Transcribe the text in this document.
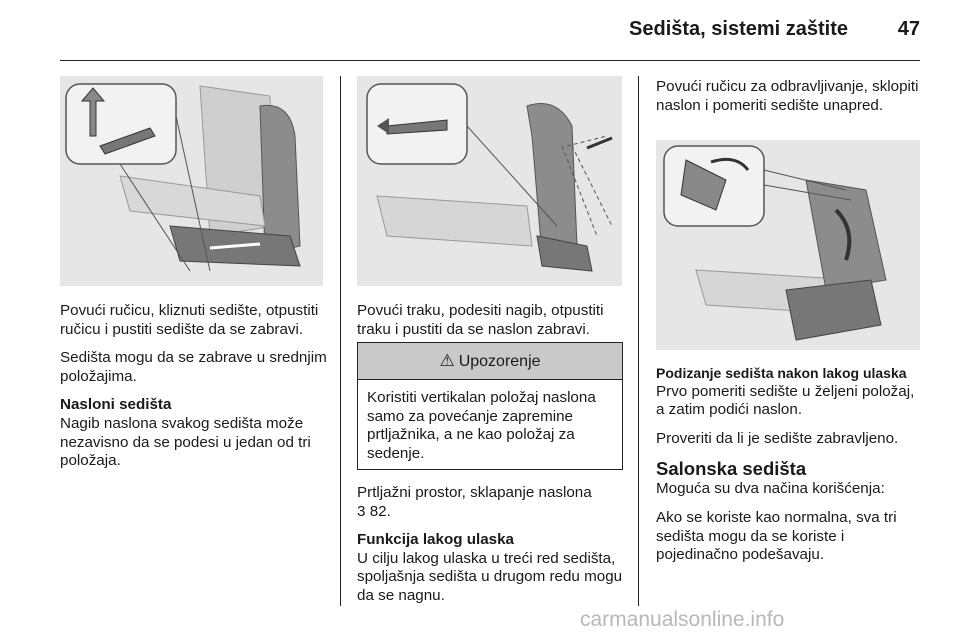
Sedišta, sistemi zaštite 47

Povući ručicu, kliznuti sedište, otpustiti ručicu i pustiti sedište da se zabravi.

Sedišta mogu da se zabrave u srednjim položajima.

Nasloni sedišta

Nagib naslona svakog sedišta može nezavisno da se podesi u jedan od tri položaja.

Povući traku, podesiti nagib, otpustiti traku i pustiti da se naslon zabravi.

⚠ Upozorenje
Koristiti vertikalan položaj naslona samo za povećanje zapremine prtljažnika, a ne kao položaj za sedenje.

Prtljažni prostor, sklapanje naslona
3 82.

Funkcija lakog ulaska

U cilju lakog ulaska u treći red sedišta, spoljašnja sedišta u drugom redu mogu da se nagnu.

Povući ručicu za odbravljivanje, sklopiti naslon i pomeriti sedište unapred.

Podizanje sedišta nakon lakog ulaska

Prvo pomeriti sedište u željeni položaj, a zatim podići naslon.

Proveriti da li je sedište zabravljeno.

Salonska sedišta

Moguća su dva načina korišćenja:

Ako se koriste kao normalna, sva tri sedišta mogu da se koriste i pojedinačno podešavaju.

carmanualsonline.info
